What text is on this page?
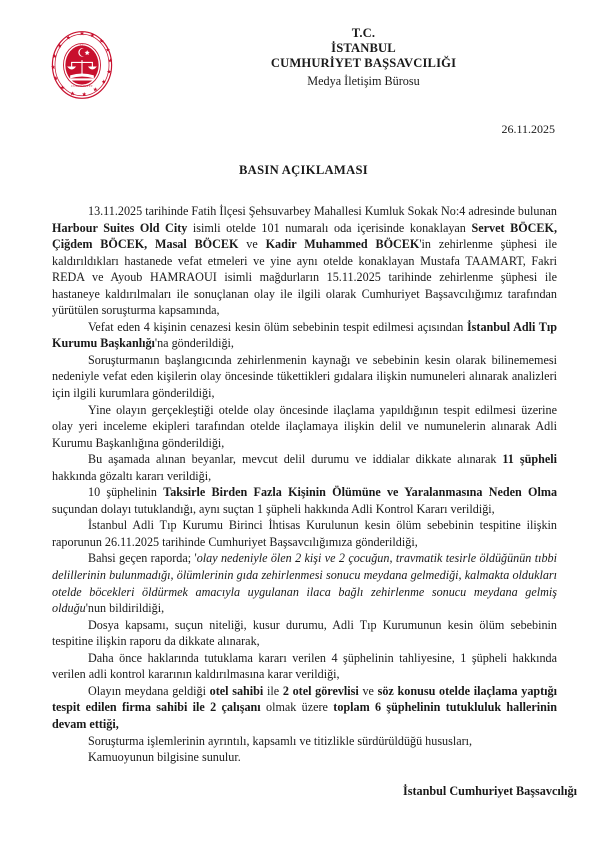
T.C.
CUMHURİYET
T.C.
İSTANBUL
CUMHURİYET BAŞSAVCILIĞI
Medya İletişim Bürosu
26.11.2025
BASIN AÇIKLAMASI

13.11.2025 tarihinde Fatih İlçesi Şehsuvarbey Mahallesi Kumluk Sokak No:4 adresinde bulunan Harbour Suites Old City isimli otelde 101 numaralı oda içerisinde konaklayan Servet BÖCEK, Çiğdem BÖCEK, Masal BÖCEK ve Kadir Muhammed BÖCEK'in zehirlenme şüphesi ile kaldırıldıkları hastanede vefat etmeleri ve yine aynı otelde konaklayan Mustafa TAAMART, Fakri REDA ve Ayoub HAMRAOUI isimli mağdurların 15.11.2025 tarihinde zehirlenme şüphesi ile hastaneye kaldırılmaları ile sonuçlanan olay ile ilgili olarak Cumhuriyet Başsavcılığımız tarafından yürütülen soruşturma kapsamında,

Vefat eden 4 kişinin cenazesi kesin ölüm sebebinin tespit edilmesi açısından İstanbul Adli Tıp Kurumu Başkanlığı'na gönderildiği,

Soruşturmanın başlangıcında zehirlenmenin kaynağı ve sebebinin kesin olarak bilinememesi nedeniyle vefat eden kişilerin olay öncesinde tükettikleri gıdalara ilişkin numuneleri alınarak analizleri için ilgili kurumlara gönderildiği,

Yine olayın gerçekleştiği otelde olay öncesinde ilaçlama yapıldığının tespit edilmesi üzerine olay yeri inceleme ekipleri tarafından otelde ilaçlamaya ilişkin delil ve numunelerin alınarak Adli Kurumu Başkanlığına gönderildiği,

Bu aşamada alınan beyanlar, mevcut delil durumu ve iddialar dikkate alınarak 11 şüpheli hakkında gözaltı kararı verildiği,

10 şüphelinin Taksirle Birden Fazla Kişinin Ölümüne ve Yaralanmasına Neden Olma suçundan dolayı tutuklandığı, aynı suçtan 1 şüpheli hakkında Adli Kontrol Kararı verildiği,

İstanbul Adli Tıp Kurumu Birinci İhtisas Kurulunun kesin ölüm sebebinin tespitine ilişkin raporunun 26.11.2025 tarihinde Cumhuriyet Başsavcılığımıza gönderildiği,

Bahsi geçen raporda; 'olay nedeniyle ölen 2 kişi ve 2 çocuğun, travmatik tesirle öldüğünün tıbbi delillerinin bulunmadığı, ölümlerinin gıda zehirlenmesi sonucu meydana gelmediği, kalmakta oldukları otelde böcekleri öldürmek amacıyla uygulanan ilaca bağlı zehirlenme sonucu meydana gelmiş olduğu'nun bildirildiği,

Dosya kapsamı, suçun niteliği, kusur durumu, Adli Tıp Kurumunun kesin ölüm sebebinin tespitine ilişkin raporu da dikkate alınarak,

Daha önce haklarında tutuklama kararı verilen 4 şüphelinin tahliyesine, 1 şüpheli hakkında verilen adli kontrol kararının kaldırılmasına karar verildiği,

Olayın meydana geldiği otel sahibi ile 2 otel görevlisi ve söz konusu otelde ilaçlama yaptığı tespit edilen firma sahibi ile 2 çalışanı olmak üzere toplam 6 şüphelinin tutukluluk hallerinin devam ettiği,

Soruşturma işlemlerinin ayrıntılı, kapsamlı ve titizlikle sürdürüldüğü hususları,

Kamuoyunun bilgisine sunulur.

İstanbul Cumhuriyet Başsavcılığı
